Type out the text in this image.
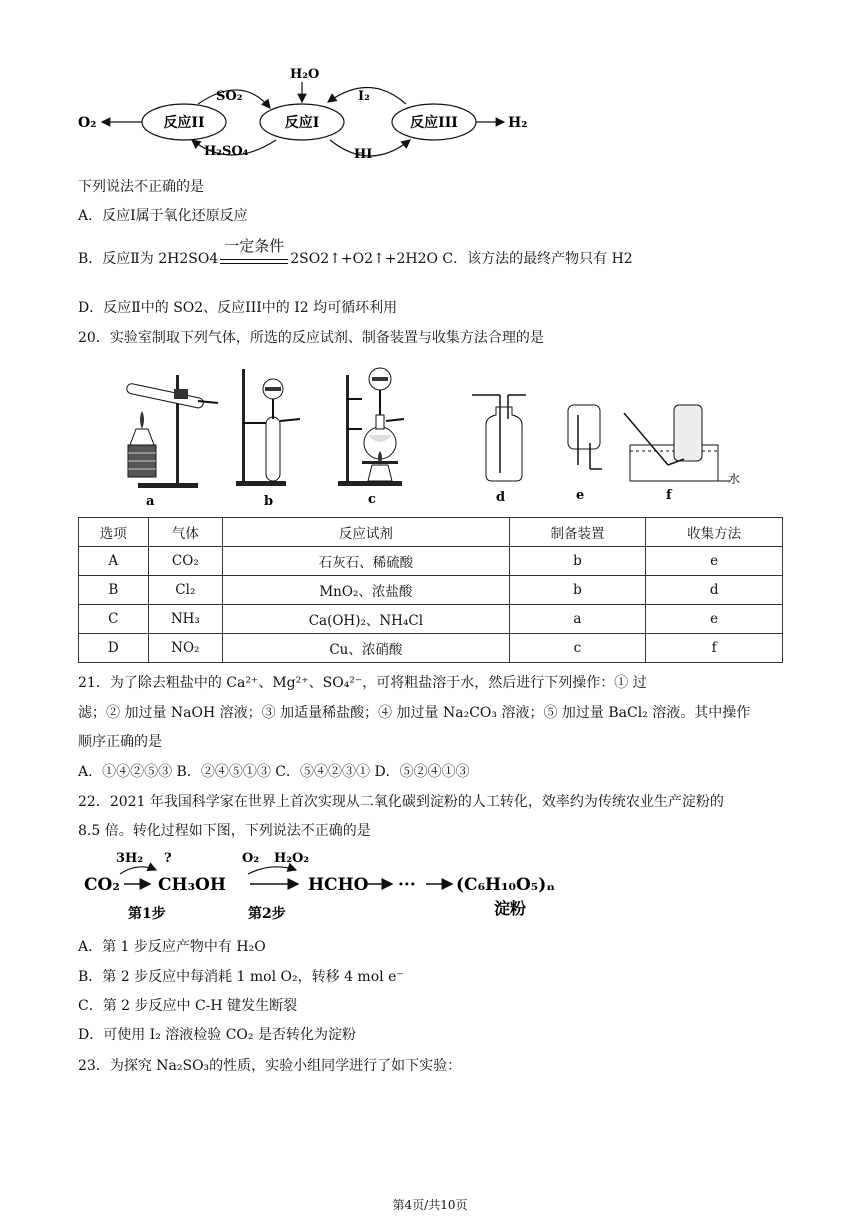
O₂	H₂
反应II	反应I	反应III
SO₂
H₂SO₄
H₂O
I₂
HI
下列说法不正确的是
A．反应Ⅰ属于氧化还原反应
B．反应Ⅱ为 2H2SO4
一定条件
2SO2↑+O2↑+2H2O C．该方法的最终产物只有 H2
D．反应Ⅱ中的 SO2、反应III中的 I2 均可循环利用
20．实验室制取下列气体，所选的反应试剂、制备装置与收集方法合理的是
水
a	b	c	d	e	f
选项	气体	反应试剂	制备装置	收集方法
A	CO₂	石灰石、稀硫酸	b	e
B	Cl₂	MnO₂、浓盐酸	b	d
C	NH₃	Ca(OH)₂、NH₄Cl	a	e
D	NO₂	Cu、浓硝酸	c	f
21．为了除去粗盐中的 Ca²⁺、Mg²⁺、SO₄²⁻，可将粗盐溶于水，然后进行下列操作：① 过
滤；② 加过量 NaOH 溶液；③ 加适量稀盐酸；④ 加过量 Na₂CO₃ 溶液；⑤ 加过量 BaCl₂ 溶液。其中操作
顺序正确的是
A．①④②⑤③ B．②④⑤①③ C．⑤④②③① D．⑤②④①③
22．2021 年我国科学家在世界上首次实现从二氧化碳到淀粉的人工转化，效率约为传统农业生产淀粉的
8.5 倍。转化过程如下图，下列说法不正确的是
CO₂
3H₂ ?
CH₃OH
O₂ H₂O₂
HCHO ··· (C₆H₁₀O₅)ₙ
第1步	第2步	淀粉
A．第 1 步反应产物中有 H₂O
B．第 2 步反应中每消耗 1 mol O₂，转移 4 mol e⁻
C．第 2 步反应中 C-H 键发生断裂
D．可使用 I₂ 溶液检验 CO₂ 是否转化为淀粉
23．为探究 Na₂SO₃的性质，实验小组同学进行了如下实验：
第4页/共10页
